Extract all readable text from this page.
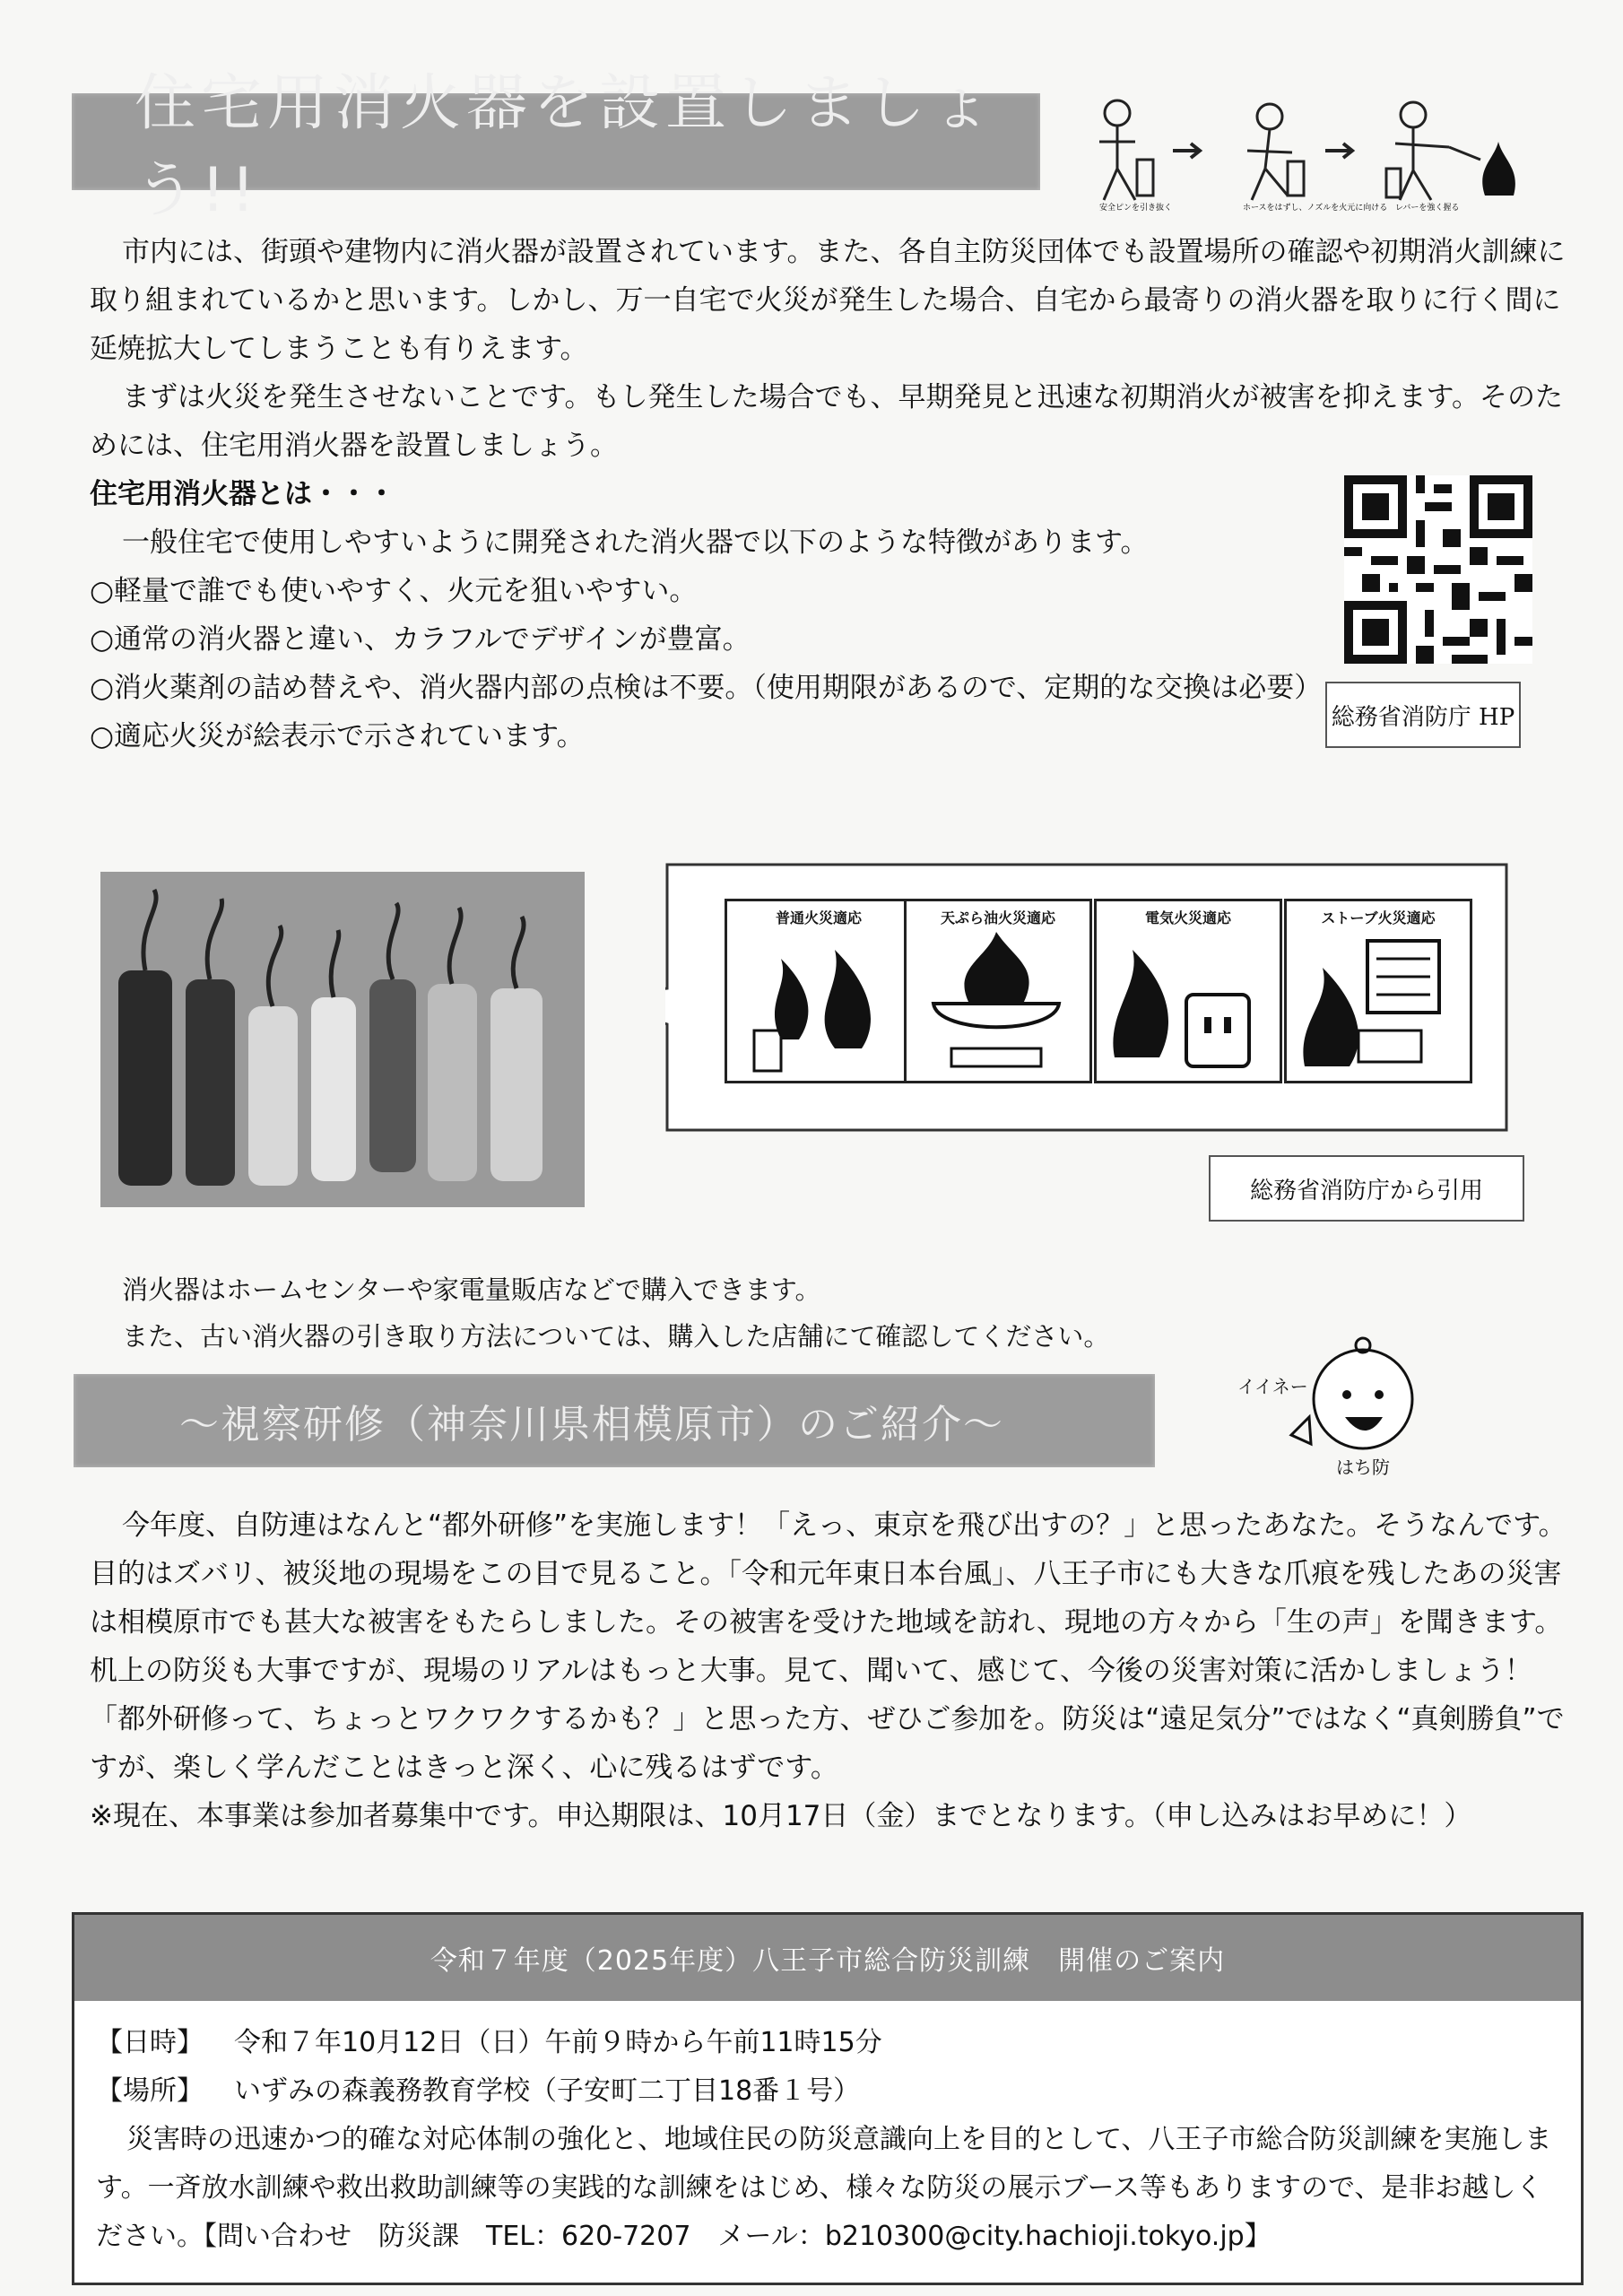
住宅用消火器を設置しましょう!!	安全ピンを引き抜く	ホースをはずし、ノズルを火元に向ける レバーを強く握る
市内には、街頭や建物内に消火器が設置されています。また、各自主防災団体でも設置場所の確認や初期消火訓練に取り組まれているかと思います。しかし、万一自宅で火災が発生した場合、自宅から最寄りの消火器を取りに行く間に延焼拡大してしまうことも有りえます。
まずは火災を発生させないことです。もし発生した場合でも、早期発見と迅速な初期消火が被害を抑えます。そのためには、住宅用消火器を設置しましょう。
住宅用消火器とは・・・
一般住宅で使用しやすいように開発された消火器で以下のような特徴があります。
○軽量で誰でも使いやすく、火元を狙いやすい。
○通常の消火器と違い、カラフルでデザインが豊富。
○消火薬剤の詰め替えや、消火器内部の点検は不要。（使用期限があるので、定期的な交換は必要）
○適応火災が絵表示で示されています。
総務省消防庁 HP
普通火災適応	天ぷら油火災適応	電気火災適応	ストーブ火災適応
総務省消防庁から引用
消火器はホームセンターや家電量販店などで購入できます。
また、古い消火器の引き取り方法については、購入した店舗にて確認してください。
～視察研修（神奈川県相模原市）のご紹介～
イイネー
はち防
今年度、自防連はなんと“都外研修”を実施します！「えっ、東京を飛び出すの？」と思ったあなた。そうなんです。目的はズバリ、被災地の現場をこの目で見ること。「令和元年東日本台風」、八王子市にも大きな爪痕を残したあの災害は相模原市でも甚大な被害をもたらしました。その被害を受けた地域を訪れ、現地の方々から「生の声」を聞きます。机上の防災も大事ですが、現場のリアルはもっと大事。見て、聞いて、感じて、今後の災害対策に活かしましょう！
「都外研修って、ちょっとワクワクするかも？」と思った方、ぜひご参加を。防災は“遠足気分”ではなく“真剣勝負”ですが、楽しく学んだことはきっと深く、心に残るはずです。
※現在、本事業は参加者募集中です。申込期限は、10月17日（金）までとなります。（申し込みはお早めに！）
令和７年度（2025年度）八王子市総合防災訓練　開催のご案内
【日時】 令和７年10月12日（日）午前９時から午前11時15分
【場所】 いずみの森義務教育学校（子安町二丁目18番１号）
災害時の迅速かつ的確な対応体制の強化と、地域住民の防災意識向上を目的として、八王子市総合防災訓練を実施します。一斉放水訓練や救出救助訓練等の実践的な訓練をはじめ、様々な防災の展示ブース等もありますので、是非お越しください。【問い合わせ　防災課　TEL：620-7207　メール：b210300@city.hachioji.tokyo.jp】
